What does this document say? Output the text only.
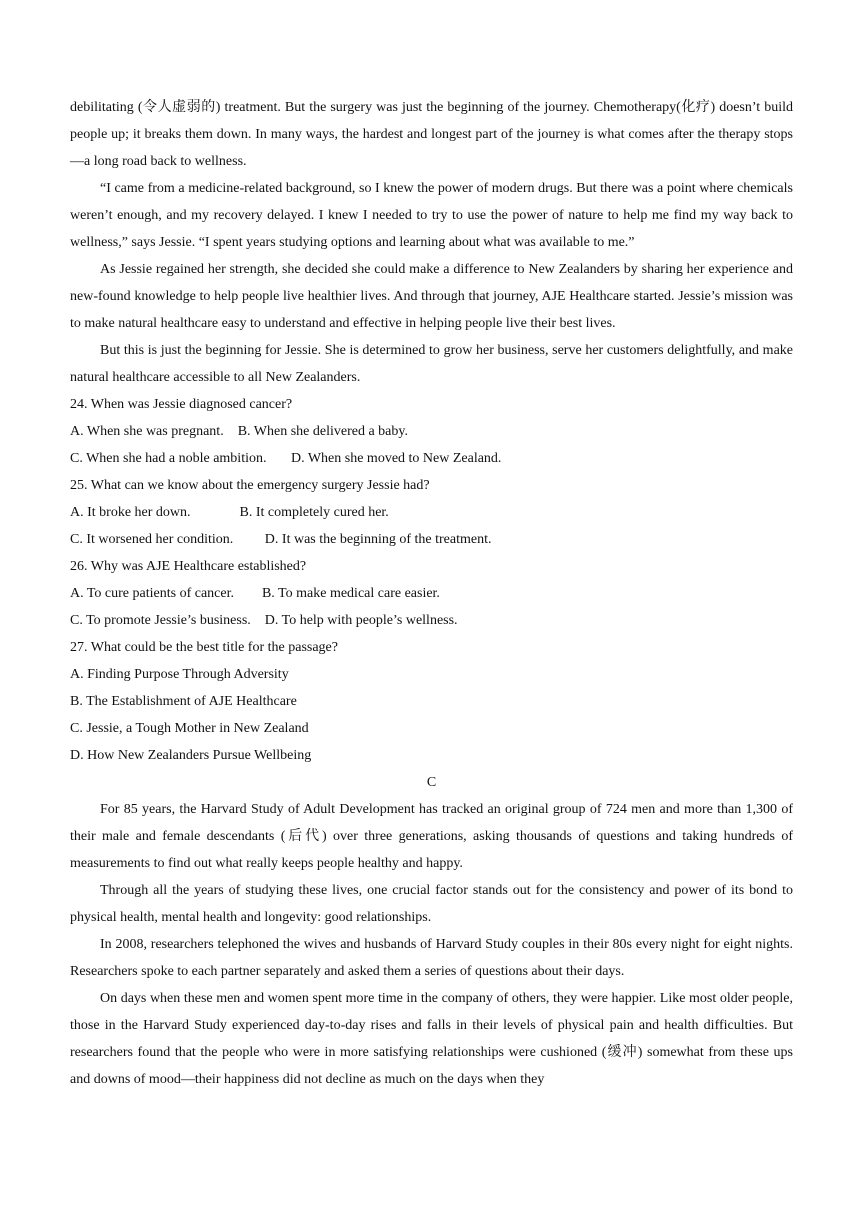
debilitating (令人虚弱的) treatment. But the surgery was just the beginning of the journey. Chemotherapy(化疗) doesn’t build people up; it breaks them down. In many ways, the hardest and longest part of the journey is what comes after the therapy stops—a long road back to wellness.

“I came from a medicine-related background, so I knew the power of modern drugs. But there was a point where chemicals weren’t enough, and my recovery delayed. I knew I needed to try to use the power of nature to help me find my way back to wellness,” says Jessie. “I spent years studying options and learning about what was available to me.”

As Jessie regained her strength, she decided she could make a difference to New Zealanders by sharing her experience and new-found knowledge to help people live healthier lives. And through that journey, AJE Healthcare started. Jessie’s mission was to make natural healthcare easy to understand and effective in helping people live their best lives.

But this is just the beginning for Jessie. She is determined to grow her business, serve her customers delightfully, and make natural healthcare accessible to all New Zealanders.

24. When was Jessie diagnosed cancer?

A. When she was pregnant.    B. When she delivered a baby.

C. When she had a noble ambition.       D. When she moved to New Zealand.

25. What can we know about the emergency surgery Jessie had?

A. It broke her down.              B. It completely cured her.

C. It worsened her condition.         D. It was the beginning of the treatment.

26. Why was AJE Healthcare established?

A. To cure patients of cancer.        B. To make medical care easier.

C. To promote Jessie’s business.    D. To help with people’s wellness.

27. What could be the best title for the passage?

A. Finding Purpose Through Adversity

B. The Establishment of AJE Healthcare

C. Jessie, a Tough Mother in New Zealand

D. How New Zealanders Pursue Wellbeing

C

For 85 years, the Harvard Study of Adult Development has tracked an original group of 724 men and more than 1,300 of their male and female descendants (后代) over three generations, asking thousands of questions and taking hundreds of measurements to find out what really keeps people healthy and happy.

Through all the years of studying these lives, one crucial factor stands out for the consistency and power of its bond to physical health, mental health and longevity: good relationships.

In 2008, researchers telephoned the wives and husbands of Harvard Study couples in their 80s every night for eight nights. Researchers spoke to each partner separately and asked them a series of questions about their days.

On days when these men and women spent more time in the company of others, they were happier. Like most older people, those in the Harvard Study experienced day-to-day rises and falls in their levels of physical pain and health difficulties. But researchers found that the people who were in more satisfying relationships were cushioned (缓冲) somewhat from these ups and downs of mood—their happiness did not decline as much on the days when they
